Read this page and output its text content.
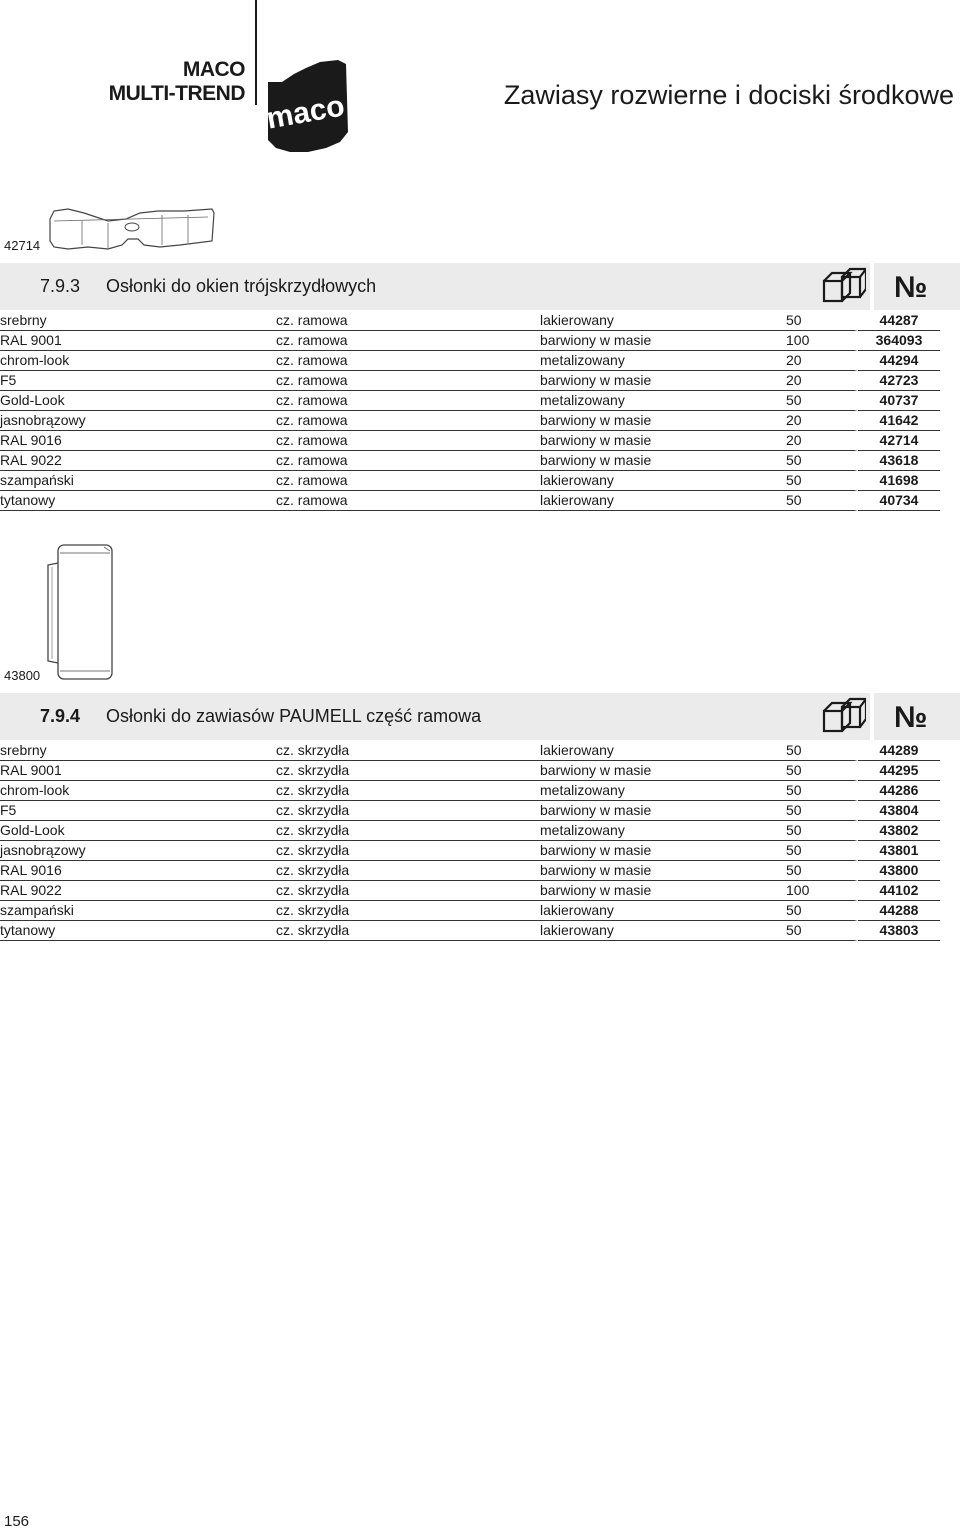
MACO
MULTI-TREND maco	Zawiasy rozwierne i dociski środkowe
42714
7.9.3 Osłonki do okien trójskrzydłowych	№
srebrny	cz. ramowa	lakierowany	50	44287
RAL 9001	cz. ramowa	barwiony w masie	100	364093
chrom-look	cz. ramowa	metalizowany	20	44294
F5	cz. ramowa	barwiony w masie	20	42723
Gold-Look	cz. ramowa	metalizowany	50	40737
jasnobrązowy	cz. ramowa	barwiony w masie	20	41642
RAL 9016	cz. ramowa	barwiony w masie	20	42714
RAL 9022	cz. ramowa	barwiony w masie	50	43618
szampański	cz. ramowa	lakierowany	50	41698
tytanowy	cz. ramowa	lakierowany	50	40734
43800
7.9.4 Osłonki do zawiasów PAUMELL część ramowa	№
srebrny	cz. skrzydła	lakierowany	50	44289
RAL 9001	cz. skrzydła	barwiony w masie	50	44295
chrom-look	cz. skrzydła	metalizowany	50	44286
F5	cz. skrzydła	barwiony w masie	50	43804
Gold-Look	cz. skrzydła	metalizowany	50	43802
jasnobrązowy	cz. skrzydła	barwiony w masie	50	43801
RAL 9016	cz. skrzydła	barwiony w masie	50	43800
RAL 9022	cz. skrzydła	barwiony w masie	100	44102
szampański	cz. skrzydła	lakierowany	50	44288
tytanowy	cz. skrzydła	lakierowany	50	43803
156
